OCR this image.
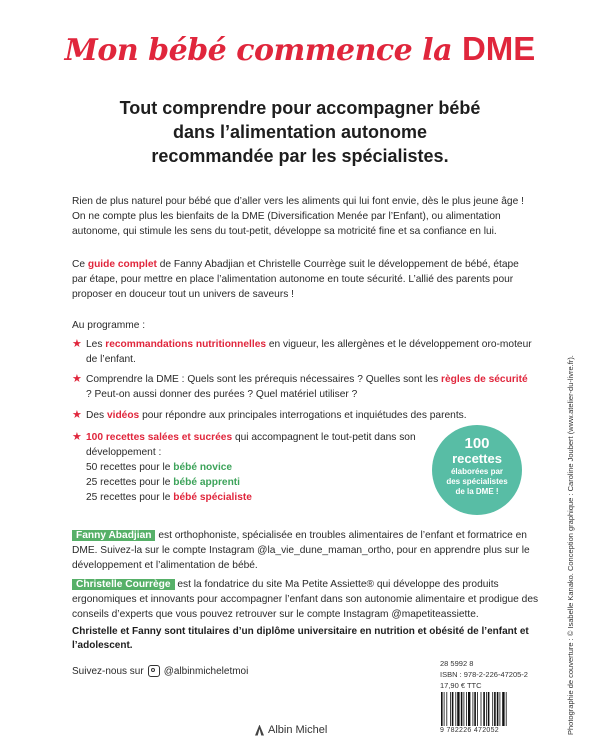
Mon bébé commence la DME
Tout comprendre pour accompagner bébé
dans l’alimentation autonome
recommandée par les spécialistes.
Rien de plus naturel pour bébé que d’aller vers les aliments qui lui font envie, dès le plus jeune âge ! On ne compte plus les bienfaits de la DME (Diversification Menée par l’Enfant), ou alimentation autonome, qui stimule les sens du tout-petit, développe sa motricité fine et sa confiance en lui.
Ce guide complet de Fanny Abadjian et Christelle Courrège suit le développement de bébé, étape par étape, pour mettre en place l’alimentation autonome en toute sécurité. L’allié des parents pour proposer en douceur tout un univers de saveurs !
Au programme :
★ Les recommandations nutritionnelles en vigueur, les allergènes et le développement oro-moteur de l’enfant.
★ Comprendre la DME : Quels sont les prérequis nécessaires ? Quelles sont les règles de sécurité ? Peut-on aussi donner des purées ? Quel matériel utiliser ?
★ Des vidéos pour répondre aux principales interrogations et inquiétudes des parents.
★ 100 recettes salées et sucrées qui accompagnent le tout-petit dans son développement :
50 recettes pour le bébé novice
25 recettes pour le bébé apprenti
25 recettes pour le bébé spécialiste
100
recettes
élaborées par
des spécialistes
de la DME !
Fanny Abadjian est orthophoniste, spécialisée en troubles alimentaires de l’enfant et formatrice en DME. Suivez-la sur le compte Instagram @la_vie_dune_maman_ortho, pour en apprendre plus sur le développement et l’alimentation de bébé.
Christelle Courrège est la fondatrice du site Ma Petite Assiette® qui développe des produits ergonomiques et innovants pour accompagner l’enfant dans son autonomie alimentaire et prodigue des conseils d’experts que vous pouvez retrouver sur le compte Instagram @mapetiteassiette.
Christelle et Fanny sont titulaires d’un diplôme universitaire en nutrition et obésité de l’enfant et l’adolescent.
Suivez-nous sur @albinmicheletmoi
28 5992 8
ISBN : 978-2-226-47205-2
17,90 € TTC
9 782226 472052
Albin Michel	Photographie de couverture : © Isabelle Kanako. Conception graphique : Caroline Joubert (www.atelier-du-livre.fr).
